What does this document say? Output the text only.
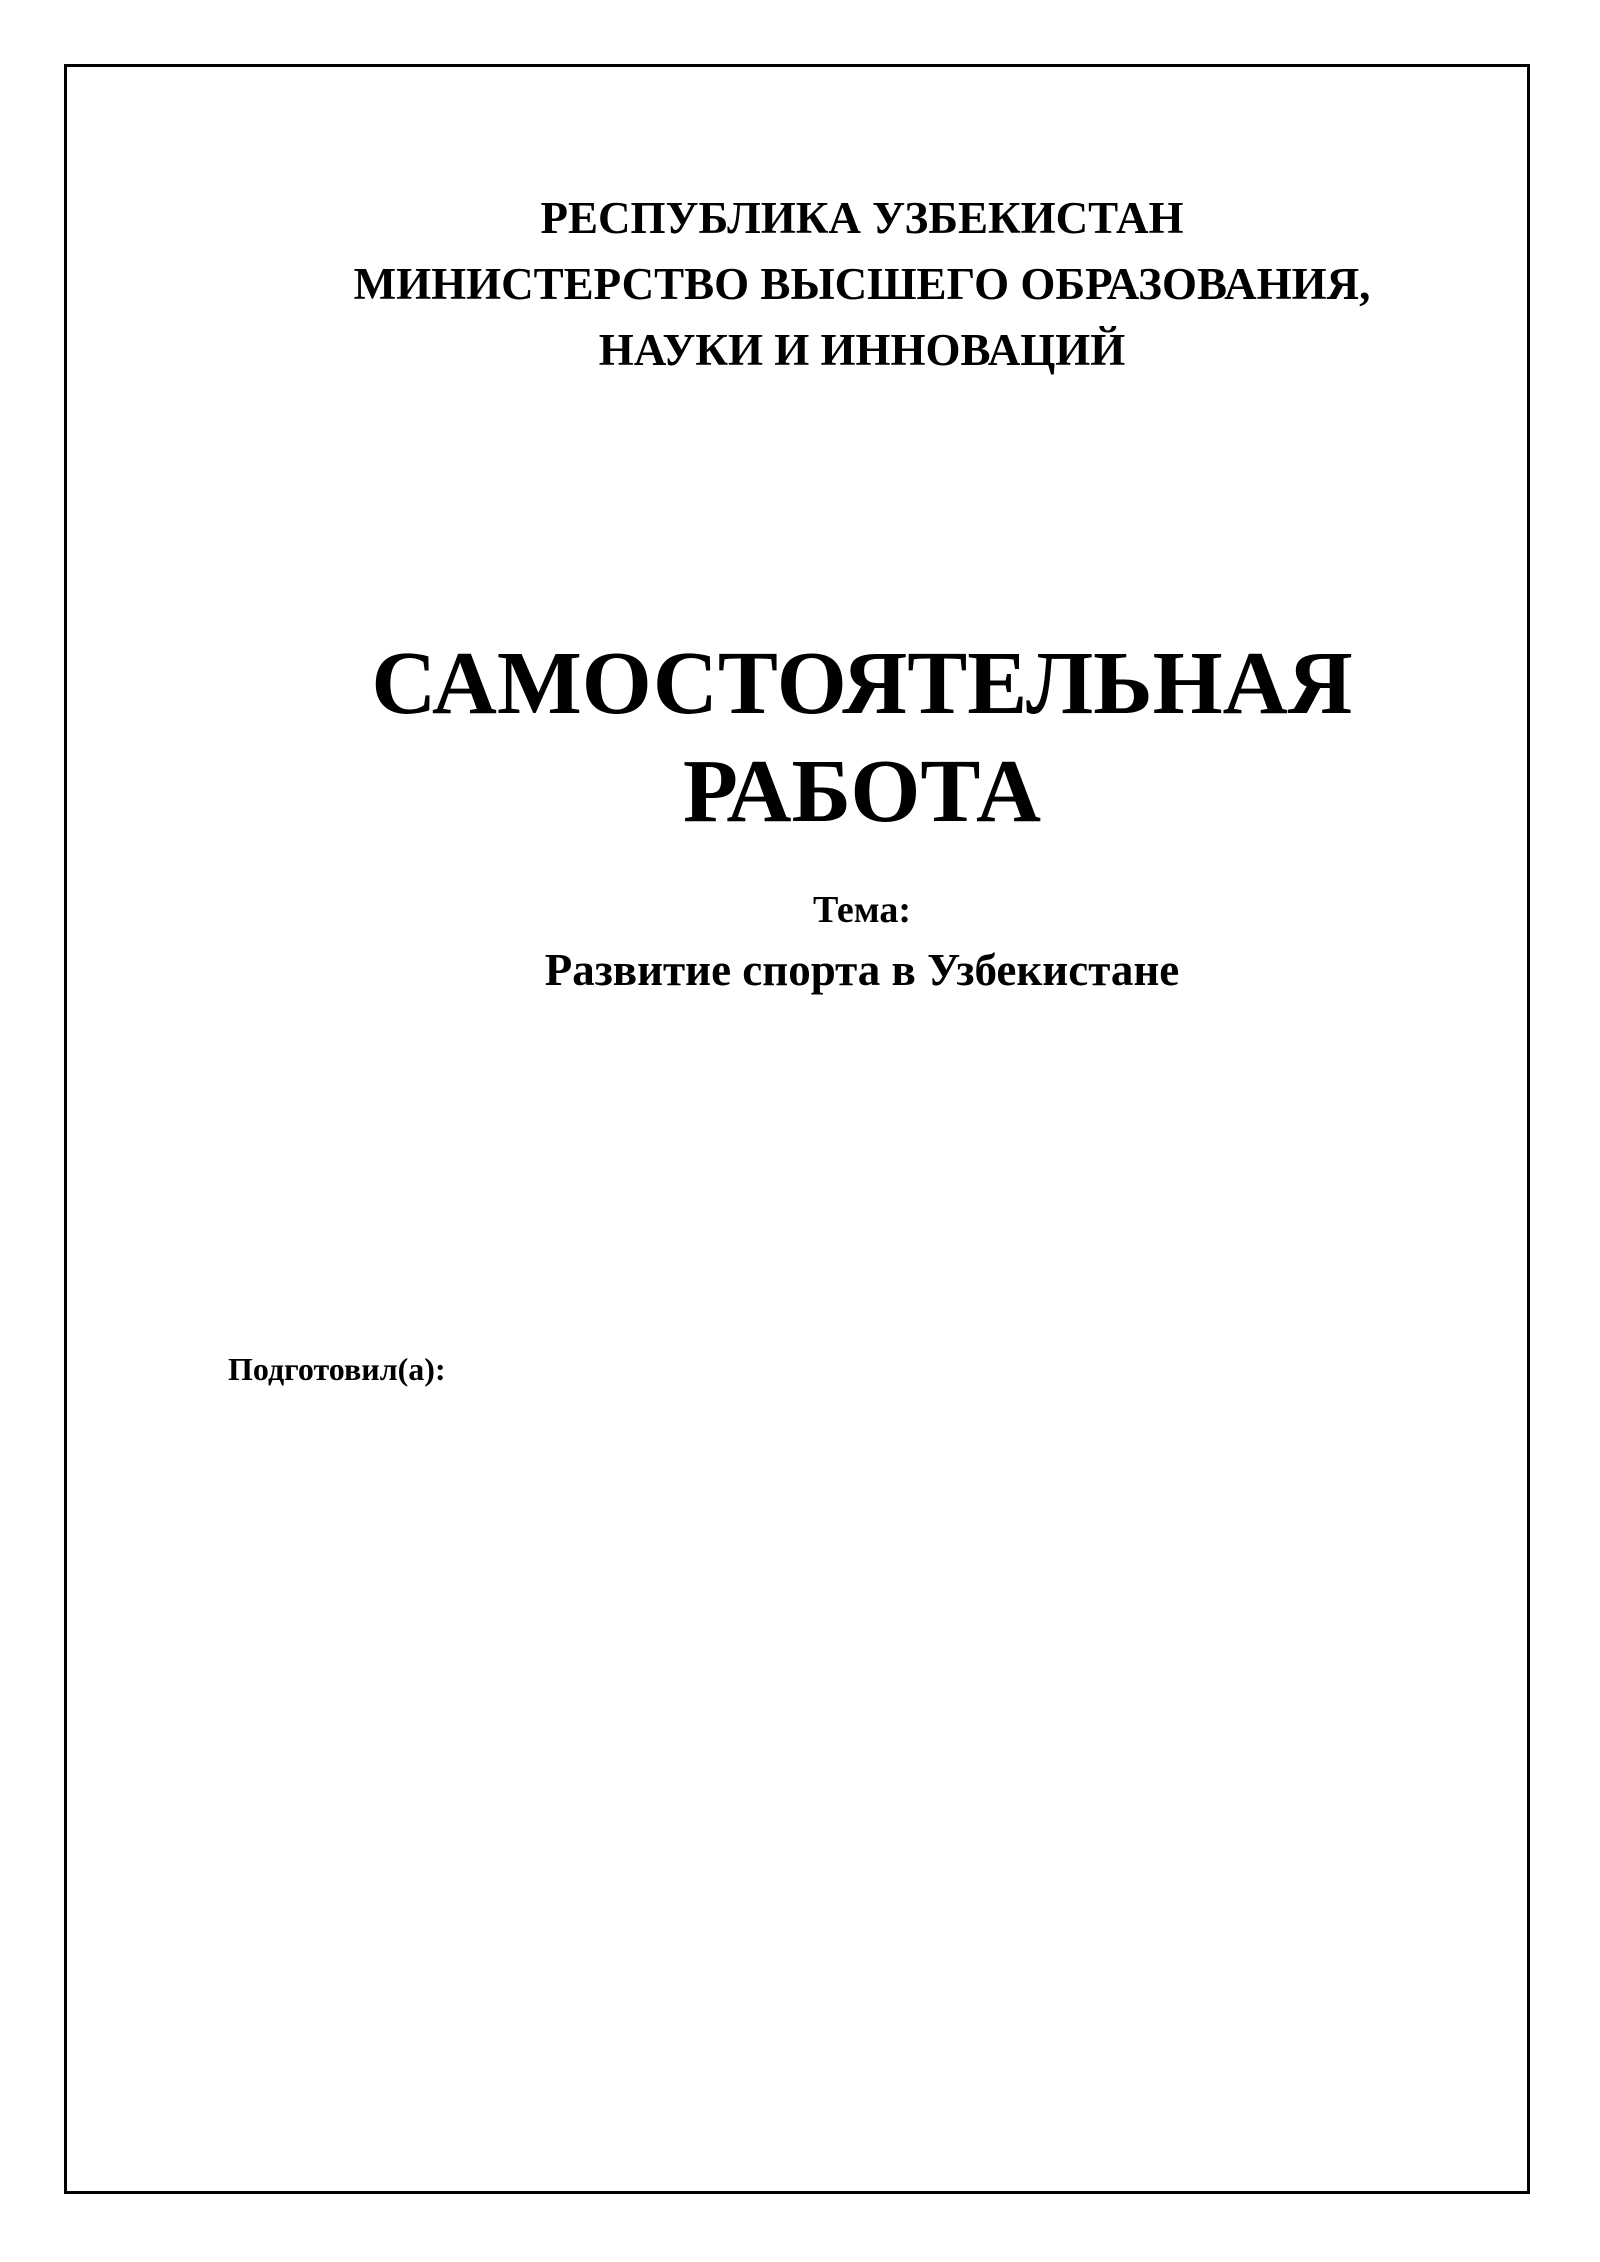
РЕСПУБЛИКА УЗБЕКИСТАН
МИНИСТЕРСТВО ВЫСШЕГО ОБРАЗОВАНИЯ,
НАУКИ И ИННОВАЦИЙ
САМОСТОЯТЕЛЬНАЯ
РАБОТА
Тема:
Развитие спорта в Узбекистане
Подготовил(а):
